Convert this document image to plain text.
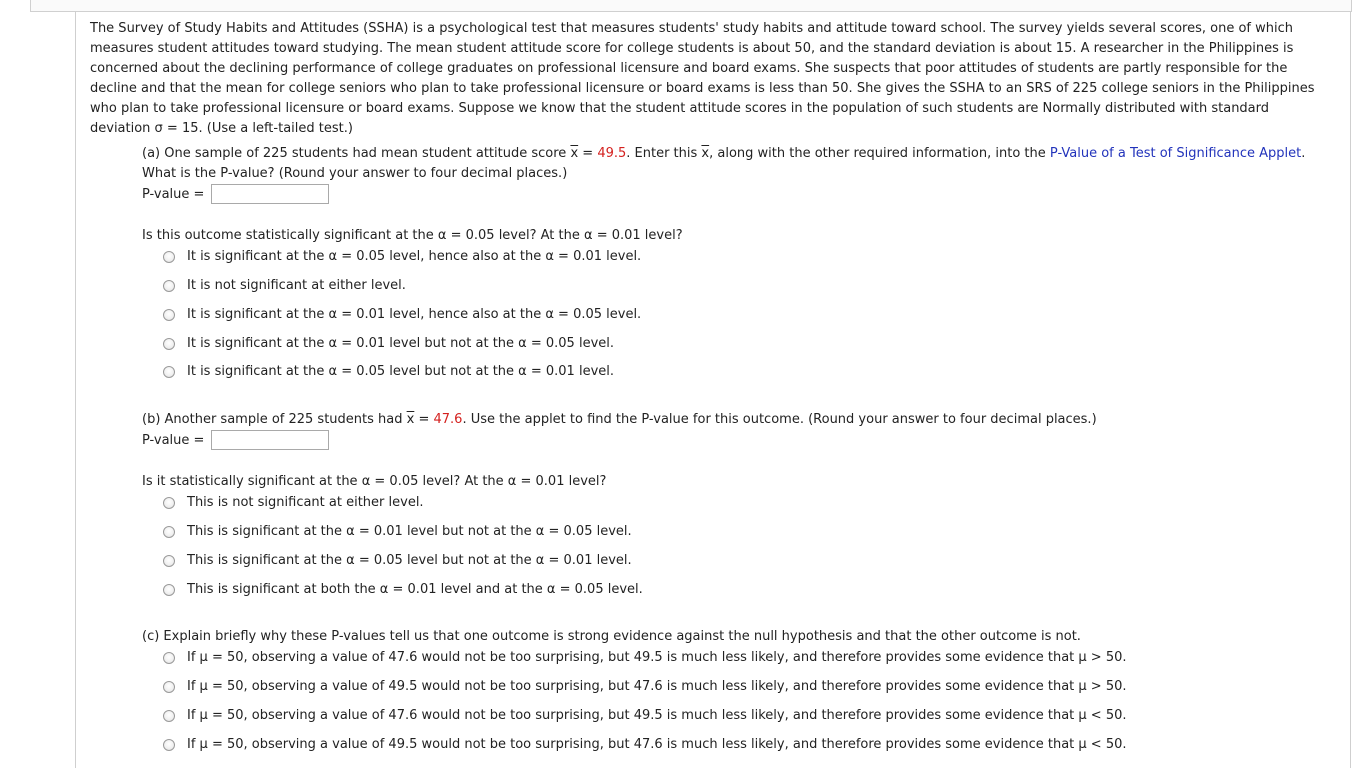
The Survey of Study Habits and Attitudes (SSHA) is a psychological test that measures students' study habits and attitude toward school. The survey yields several scores, one of which measures student attitudes toward studying. The mean student attitude score for college students is about 50, and the standard deviation is about 15. A researcher in the Philippines is concerned about the declining performance of college graduates on professional licensure and board exams. She suspects that poor attitudes of students are partly responsible for the decline and that the mean for college seniors who plan to take professional licensure or board exams is less than 50. She gives the SSHA to an SRS of 225 college seniors in the Philippines who plan to take professional licensure or board exams. Suppose we know that the student attitude scores in the population of such students are Normally distributed with standard deviation σ = 15. (Use a left-tailed test.)
(a) One sample of 225 students had mean student attitude score $\overline{x} = 49.5$. Enter this $\overline{x}$, along with the other required information, into the P-Value of a Test of Significance Applet.
What is the P-value? (Round your answer to four decimal places.)
P-value =
Is this outcome statistically significant at the α = 0.05 level? At the α = 0.01 level?
It is significant at the α = 0.05 level, hence also at the α = 0.01 level.
It is not significant at either level.
It is significant at the α = 0.01 level, hence also at the α = 0.05 level.
It is significant at the α = 0.01 level but not at the α = 0.05 level.
It is significant at the α = 0.05 level but not at the α = 0.01 level.
(b) Another sample of 225 students had $\overline{x} = 47.6$. Use the applet to find the P-value for this outcome. (Round your answer to four decimal places.)
P-value =
Is it statistically significant at the α = 0.05 level? At the α = 0.01 level?
This is not significant at either level.
This is significant at the α = 0.01 level but not at the α = 0.05 level.
This is significant at the α = 0.05 level but not at the α = 0.01 level.
This is significant at both the α = 0.01 level and at the α = 0.05 level.
(c) Explain briefly why these P-values tell us that one outcome is strong evidence against the null hypothesis and that the other outcome is not.
If μ = 50, observing a value of 47.6 would not be too surprising, but 49.5 is much less likely, and therefore provides some evidence that μ > 50.
If μ = 50, observing a value of 49.5 would not be too surprising, but 47.6 is much less likely, and therefore provides some evidence that μ > 50.
If μ = 50, observing a value of 47.6 would not be too surprising, but 49.5 is much less likely, and therefore provides some evidence that μ < 50.
If μ = 50, observing a value of 49.5 would not be too surprising, but 47.6 is much less likely, and therefore provides some evidence that μ < 50.
